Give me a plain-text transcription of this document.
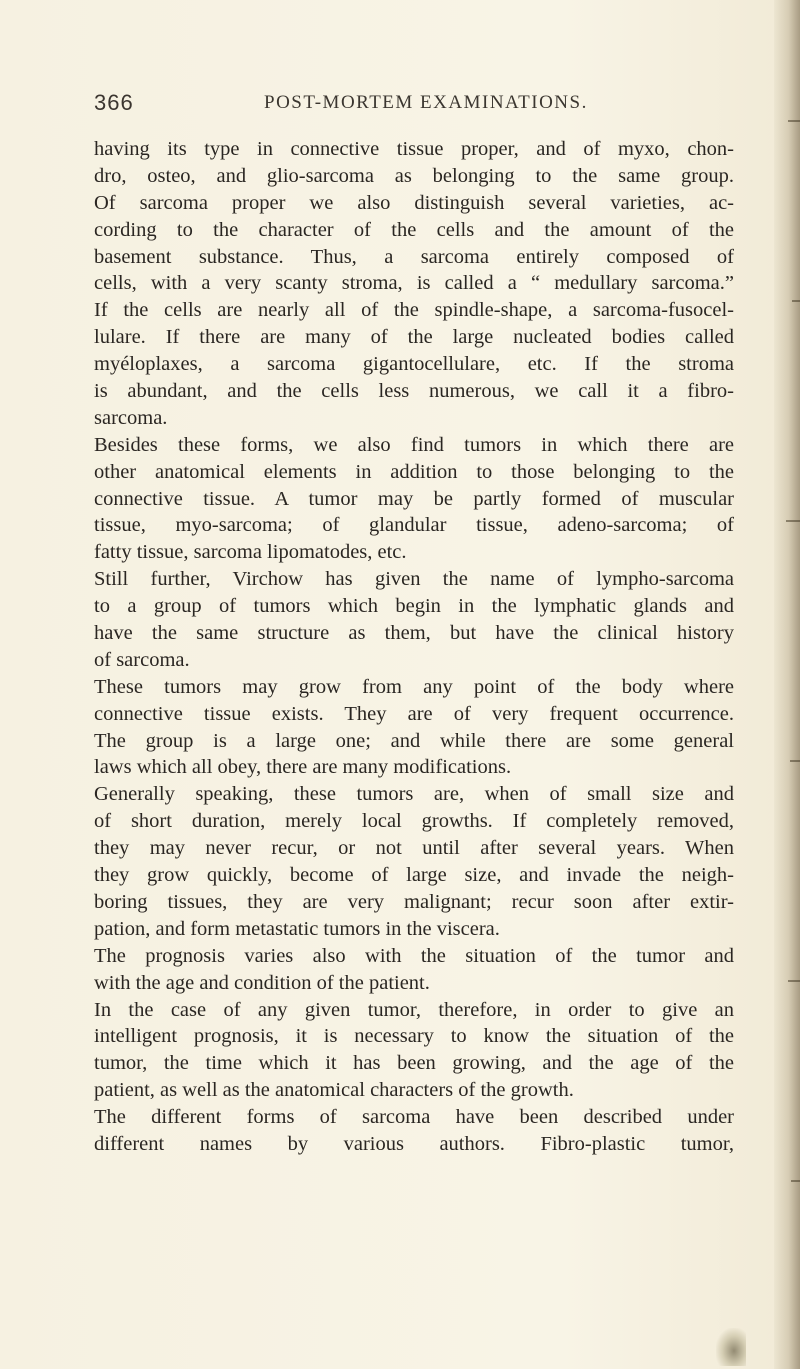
366	POST-MORTEM EXAMINATIONS.
having its type in connective tissue proper, and of myxo, chon-
dro, osteo, and glio-sarcoma as belonging to the same group.
Of sarcoma proper we also distinguish several varieties, ac-
cording to the character of the cells and the amount of the
basement substance. Thus, a sarcoma entirely composed of
cells, with a very scanty stroma, is called a “ medullary sarcoma.”
If the cells are nearly all of the spindle-shape, a sarcoma-fusocel-
lulare. If there are many of the large nucleated bodies called
myéloplaxes, a sarcoma gigantocellulare, etc. If the stroma
is abundant, and the cells less numerous, we call it a fibro-
sarcoma.
Besides these forms, we also find tumors in which there are
other anatomical elements in addition to those belonging to the
connective tissue. A tumor may be partly formed of muscular
tissue, myo-sarcoma; of glandular tissue, adeno-sarcoma; of
fatty tissue, sarcoma lipomatodes, etc.
Still further, Virchow has given the name of lympho-sarcoma
to a group of tumors which begin in the lymphatic glands and
have the same structure as them, but have the clinical history
of sarcoma.
These tumors may grow from any point of the body where
connective tissue exists. They are of very frequent occurrence.
The group is a large one; and while there are some general
laws which all obey, there are many modifications.
Generally speaking, these tumors are, when of small size and
of short duration, merely local growths. If completely removed,
they may never recur, or not until after several years. When
they grow quickly, become of large size, and invade the neigh-
boring tissues, they are very malignant; recur soon after extir-
pation, and form metastatic tumors in the viscera.
The prognosis varies also with the situation of the tumor and
with the age and condition of the patient.
In the case of any given tumor, therefore, in order to give an
intelligent prognosis, it is necessary to know the situation of the
tumor, the time which it has been growing, and the age of the
patient, as well as the anatomical characters of the growth.
The different forms of sarcoma have been described under
different names by various authors. Fibro-plastic tumor,
